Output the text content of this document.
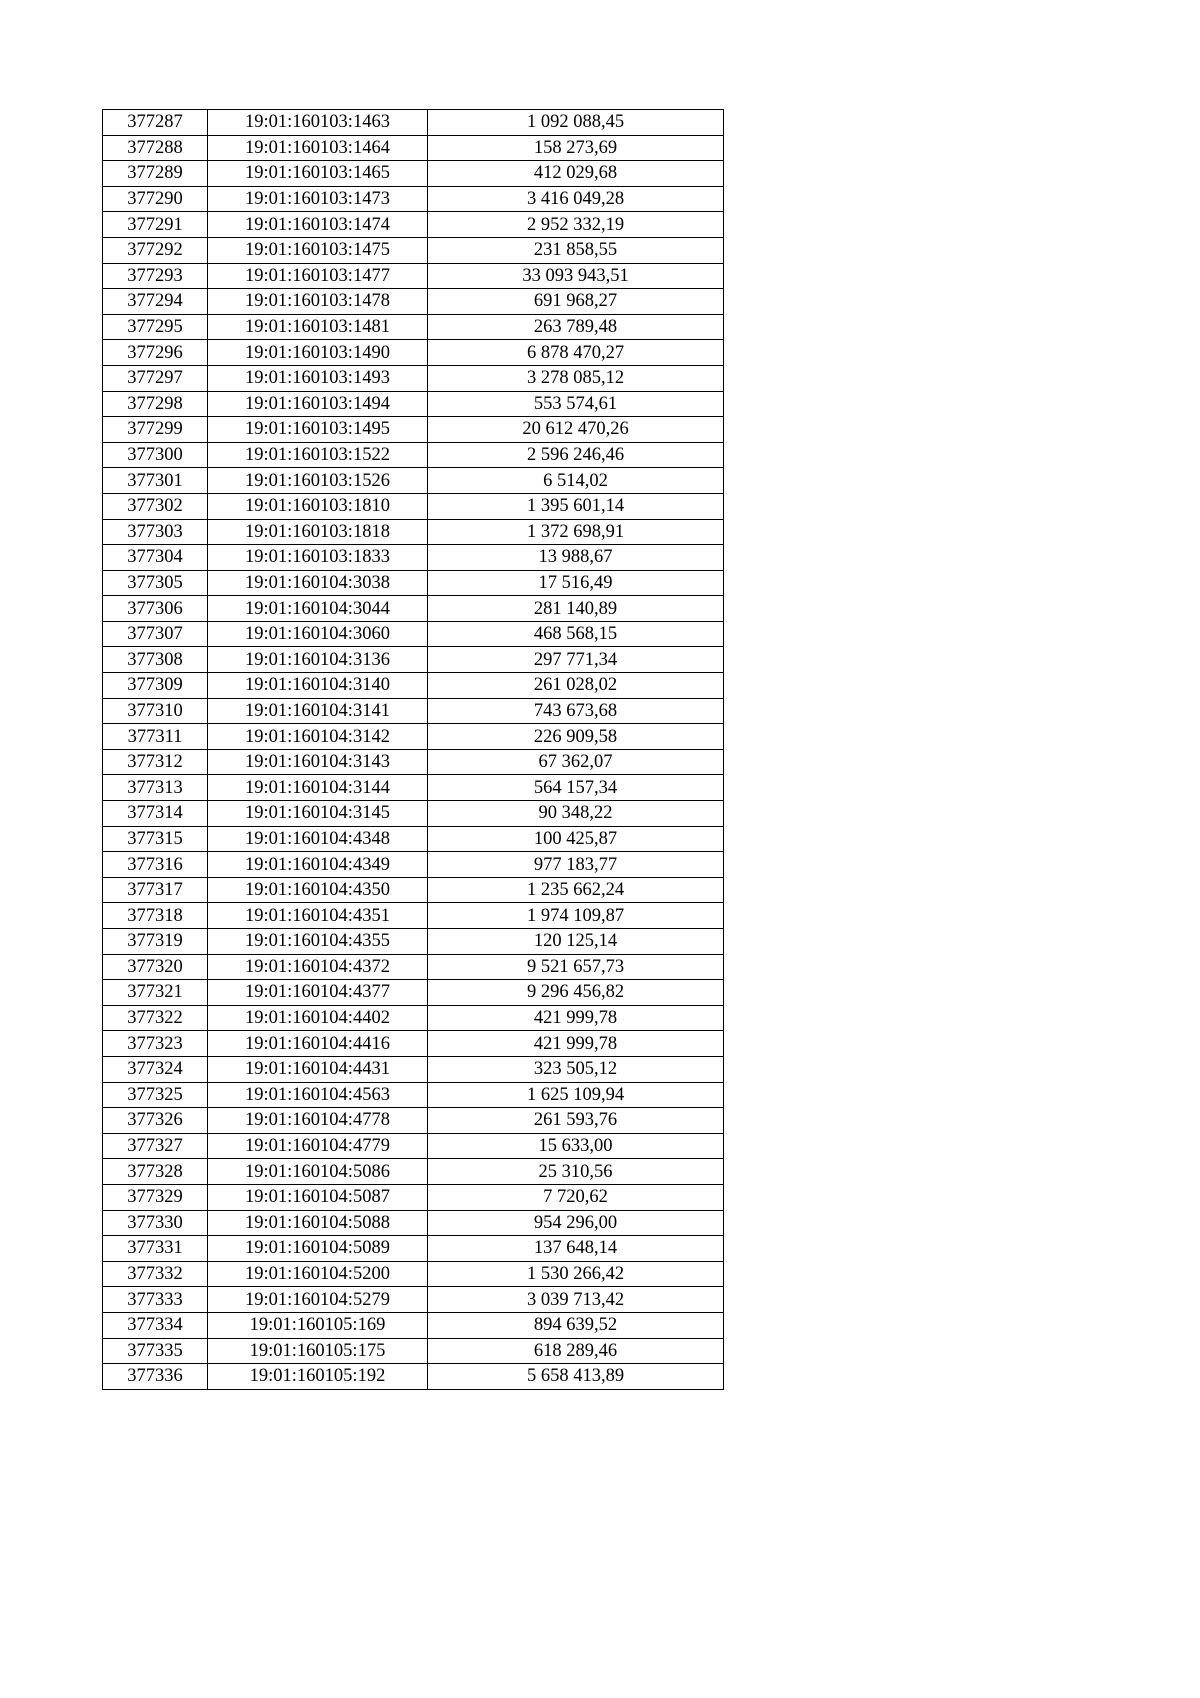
377287	19:01:160103:1463	1 092 088,45
377288	19:01:160103:1464	158 273,69
377289	19:01:160103:1465	412 029,68
377290	19:01:160103:1473	3 416 049,28
377291	19:01:160103:1474	2 952 332,19
377292	19:01:160103:1475	231 858,55
377293	19:01:160103:1477	33 093 943,51
377294	19:01:160103:1478	691 968,27
377295	19:01:160103:1481	263 789,48
377296	19:01:160103:1490	6 878 470,27
377297	19:01:160103:1493	3 278 085,12
377298	19:01:160103:1494	553 574,61
377299	19:01:160103:1495	20 612 470,26
377300	19:01:160103:1522	2 596 246,46
377301	19:01:160103:1526	6 514,02
377302	19:01:160103:1810	1 395 601,14
377303	19:01:160103:1818	1 372 698,91
377304	19:01:160103:1833	13 988,67
377305	19:01:160104:3038	17 516,49
377306	19:01:160104:3044	281 140,89
377307	19:01:160104:3060	468 568,15
377308	19:01:160104:3136	297 771,34
377309	19:01:160104:3140	261 028,02
377310	19:01:160104:3141	743 673,68
377311	19:01:160104:3142	226 909,58
377312	19:01:160104:3143	67 362,07
377313	19:01:160104:3144	564 157,34
377314	19:01:160104:3145	90 348,22
377315	19:01:160104:4348	100 425,87
377316	19:01:160104:4349	977 183,77
377317	19:01:160104:4350	1 235 662,24
377318	19:01:160104:4351	1 974 109,87
377319	19:01:160104:4355	120 125,14
377320	19:01:160104:4372	9 521 657,73
377321	19:01:160104:4377	9 296 456,82
377322	19:01:160104:4402	421 999,78
377323	19:01:160104:4416	421 999,78
377324	19:01:160104:4431	323 505,12
377325	19:01:160104:4563	1 625 109,94
377326	19:01:160104:4778	261 593,76
377327	19:01:160104:4779	15 633,00
377328	19:01:160104:5086	25 310,56
377329	19:01:160104:5087	7 720,62
377330	19:01:160104:5088	954 296,00
377331	19:01:160104:5089	137 648,14
377332	19:01:160104:5200	1 530 266,42
377333	19:01:160104:5279	3 039 713,42
377334	19:01:160105:169	894 639,52
377335	19:01:160105:175	618 289,46
377336	19:01:160105:192	5 658 413,89
